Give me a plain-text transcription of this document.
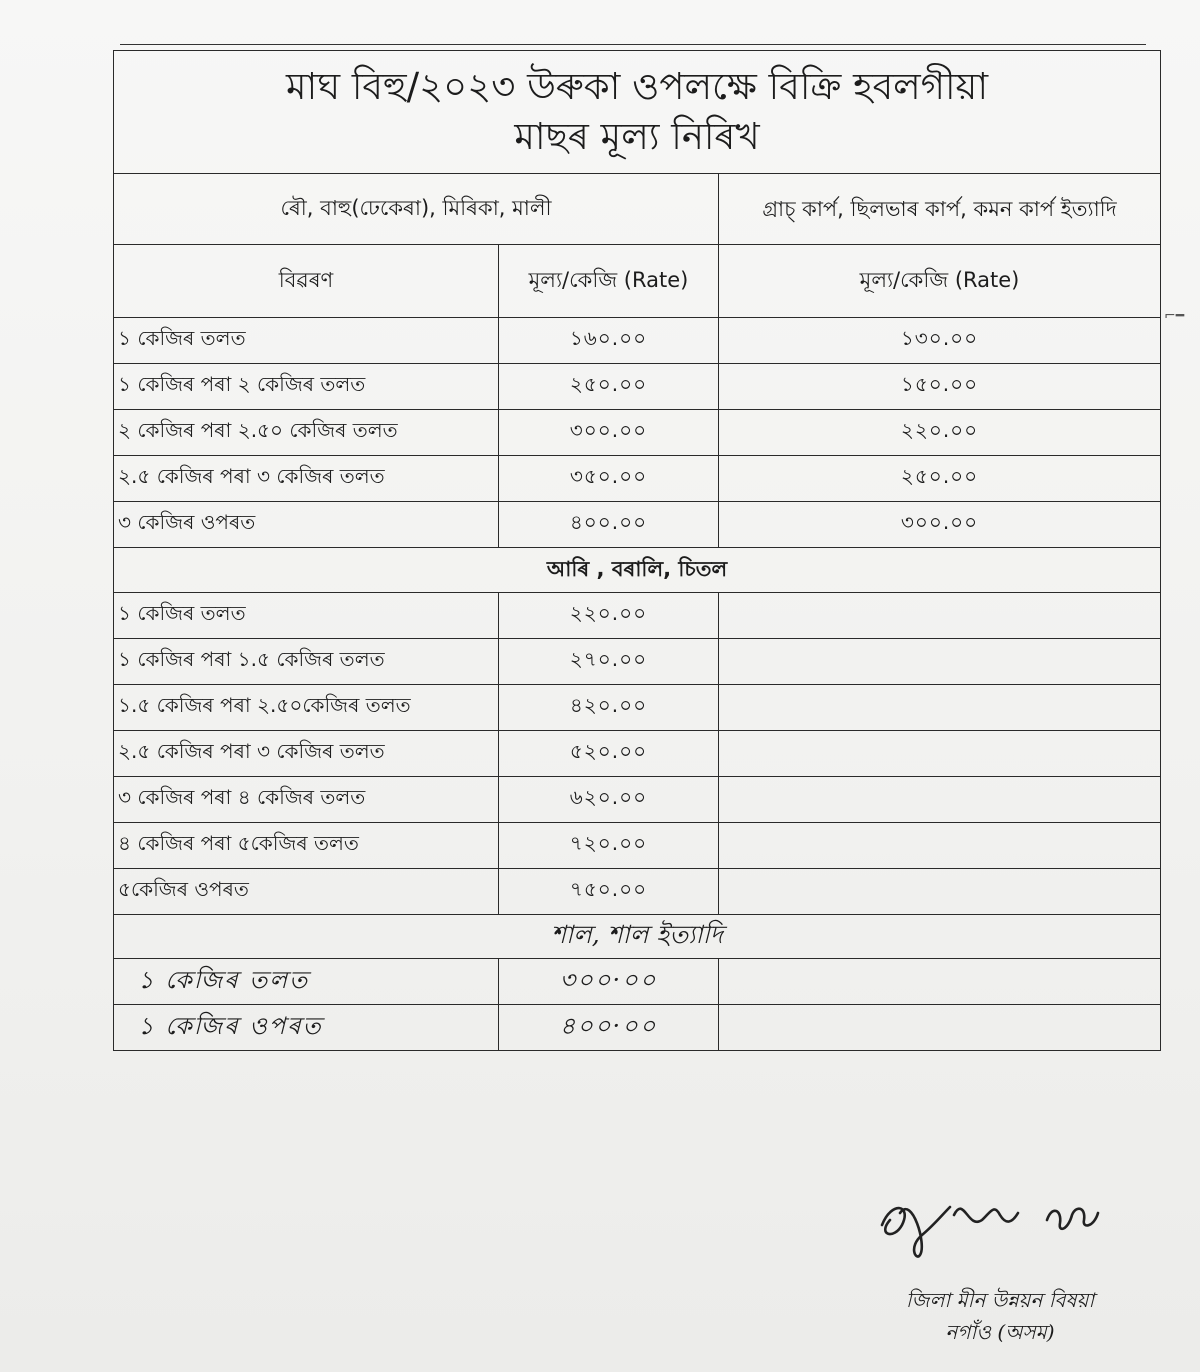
মাঘ বিহু/২০২৩ উৰুকা ওপলক্ষে বিক্ৰি হবলগীয়া
মাছৰ মূল্য নিৰিখ		

ৰৌ, বাহু(ঢেকেৰা), মিৰিকা, মালী		গ্ৰাচ্ কাৰ্প, ছিলভাৰ কাৰ্প, কমন কাৰ্প ইত্যাদি
বিৱৰণ	মূল্য/কেজি (Rate)	মূল্য/কেজি (Rate)
১ কেজিৰ তলত	১৬০.০০	১৩০.০০
১ কেজিৰ পৰা ২ কেজিৰ তলত	২৫০.০০	১৫০.০০
২ কেজিৰ পৰা ২.৫০ কেজিৰ তলত	৩০০.০০	২২০.০০
২.৫ কেজিৰ পৰা ৩ কেজিৰ তলত	৩৫০.০০	২৫০.০০
৩ কেজিৰ ওপৰত	৪০০.০০	৩০০.০০
আৰি , বৰালি, চিতল		
১ কেজিৰ তলত	২২০.০০	
১ কেজিৰ পৰা ১.৫ কেজিৰ তলত	২৭০.০০	
১.৫ কেজিৰ পৰা ২.৫০কেজিৰ তলত	৪২০.০০	
২.৫ কেজিৰ পৰা ৩ কেজিৰ তলত	৫২০.০০	
৩ কেজিৰ পৰা ৪ কেজিৰ তলত	৬২০.০০	
৪ কেজিৰ পৰা ৫কেজিৰ তলত	৭২০.০০	
৫কেজিৰ ওপৰত	৭৫০.০০	
শাল, শাল ইত্যাদি		
১ কেজিৰ তলত	৩০০·০০	
১ কেজিৰ ওপৰত	৪০০·০০	
⌐━
জিলা মীন উন্নয়ন বিষয়া
নগাঁও (অসম)
